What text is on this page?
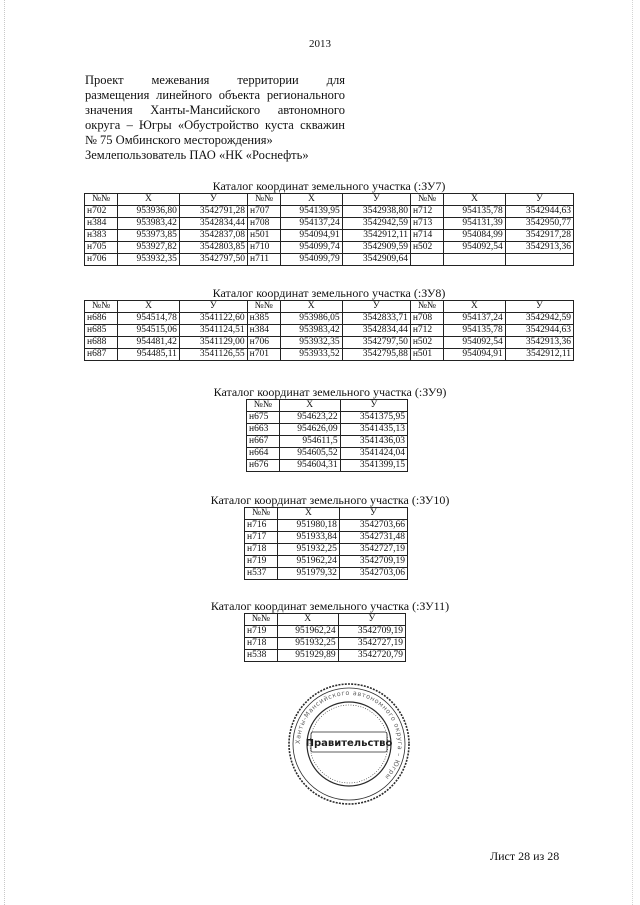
2013
Проект межевания территории для
размещения линейного объекта регионального
значения Ханты-Мансийского автономного
округа – Югры «Обустройство куста скважин
№ 75 Омбинского месторождения»
Землепользователь ПАО «НК «Роснефть»
Каталог координат земельного участка (:ЗУ7)
№№	X	У	№№	X	У	№№	X	У
н702	953936,80	3542791,28	н707	954139,95	3542938,80	н712	954135,78	3542944,63
н384	953983,42	3542834,44	н708	954137,24	3542942,59	н713	954131,39	3542950,77
н383	953973,85	3542837,08	н501	954094,91	3542912,11	н714	954084,99	3542917,28
н705	953927,82	3542803,85	н710	954099,74	3542909,59	н502	954092,54	3542913,36
н706	953932,35	3542797,50	н711	954099,79	3542909,64			
Каталог координат земельного участка (:ЗУ8)
№№	X	У	№№	X	У	№№	X	У
н686	954514,78	3541122,60	н385	953986,05	3542833,71	н708	954137,24	3542942,59
н685	954515,06	3541124,51	н384	953983,42	3542834,44	н712	954135,78	3542944,63
н688	954481,42	3541129,00	н706	953932,35	3542797,50	н502	954092,54	3542913,36
н687	954485,11	3541126,55	н701	953933,52	3542795,88	н501	954094,91	3542912,11
Каталог координат земельного участка (:ЗУ9)
№№	X	У
н675	954623,22	3541375,95
н663	954626,09	3541435,13
н667	954611,5	3541436,03
н664	954605,52	3541424,04
н676	954604,31	3541399,15
Каталог координат земельного участка (:ЗУ10)
№№	X	У
н716	951980,18	3542703,66
н717	951933,84	3542731,48
н718	951932,25	3542727,19
н719	951962,24	3542709,19
н537	951979,32	3542703,06
Каталог координат земельного участка (:ЗУ11)
№№	X	У
н719	951962,24	3542709,19
н718	951932,25	3542727,19
н538	951929,89	3542720,79
Ханты-Мансийского автономного округа – Югры
Правительство
Лист 28 из 28
